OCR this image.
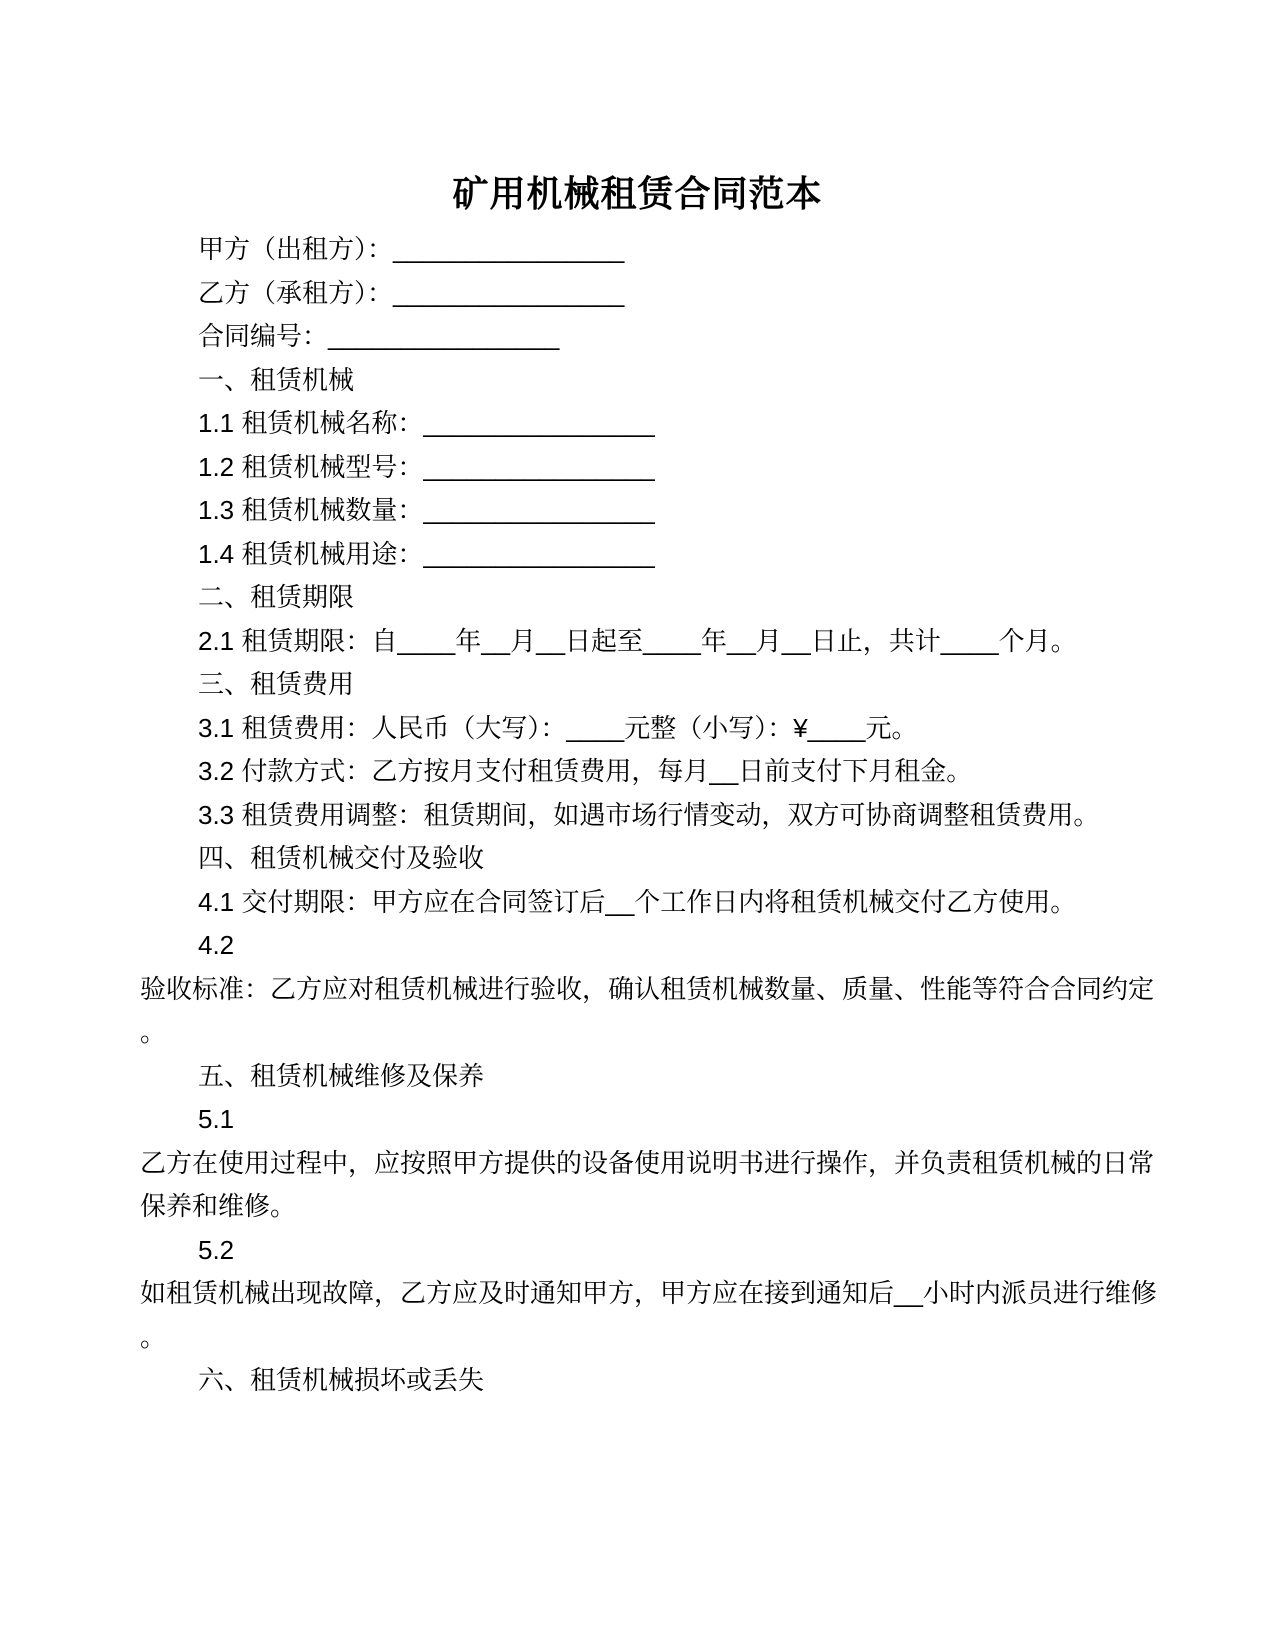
矿用机械租赁合同范本
甲方（出租方）：________________
乙方（承租方）：________________
合同编号：________________
一、租赁机械
1.1 租赁机械名称：________________
1.2 租赁机械型号：________________
1.3 租赁机械数量：________________
1.4 租赁机械用途：________________
二、租赁期限
2.1 租赁期限：自____年__月__日起至____年__月__日止，共计____个月。
三、租赁费用
3.1 租赁费用：人民币（大写）：____元整（小写）：¥____元。
3.2 付款方式：乙方按月支付租赁费用，每月__日前支付下月租金。
3.3 租赁费用调整：租赁期间，如遇市场行情变动，双方可协商调整租赁费用。
四、租赁机械交付及验收
4.1 交付期限：甲方应在合同签订后__个工作日内将租赁机械交付乙方使用。
4.2
验收标准：乙方应对租赁机械进行验收，确认租赁机械数量、质量、性能等符合合同约定
。
五、租赁机械维修及保养
5.1
乙方在使用过程中，应按照甲方提供的设备使用说明书进行操作，并负责租赁机械的日常
保养和维修。
5.2
如租赁机械出现故障，乙方应及时通知甲方，甲方应在接到通知后__小时内派员进行维修
。
六、租赁机械损坏或丢失
